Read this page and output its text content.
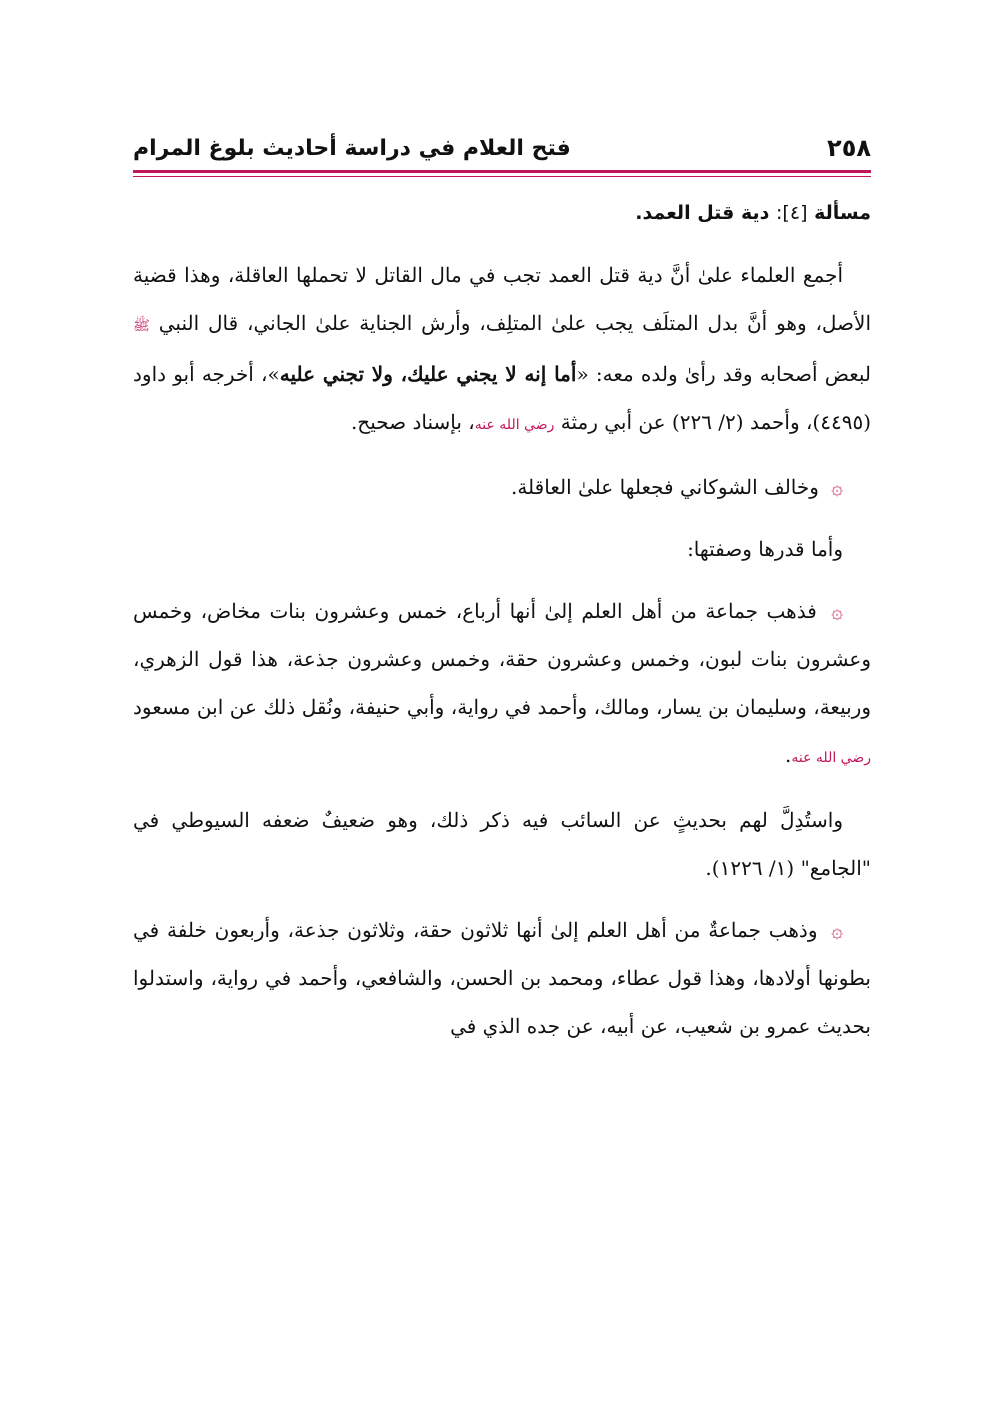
٢٥٨
فتح العلام في دراسة أحاديث بلوغ المرام
مسألة [٤]: دية قتل العمد.

أجمع العلماء علىٰ أنَّ دية قتل العمد تجب في مال القاتل لا تحملها العاقلة، وهذا قضية الأصل، وهو أنَّ بدل المتلَف يجب علىٰ المتلِف، وأرش الجناية علىٰ الجاني، قال النبي ﷺ لبعض أصحابه وقد رأىٰ ولده معه: «أما إنه لا يجني عليك، ولا تجني عليه»، أخرجه أبو داود (٤٤٩٥)، وأحمد (٢/ ٢٢٦) عن أبي رمثة رضي الله عنه، بإسناد صحيح.

۞ وخالف الشوكاني فجعلها علىٰ العاقلة.

وأما قدرها وصفتها:

۞ فذهب جماعة من أهل العلم إلىٰ أنها أرباع، خمس وعشرون بنات مخاض، وخمس وعشرون بنات لبون، وخمس وعشرون حقة، وخمس وعشرون جذعة، هذا قول الزهري، وربيعة، وسليمان بن يسار، ومالك، وأحمد في رواية، وأبي حنيفة، ونُقل ذلك عن ابن مسعود رضي الله عنه.

واستُدِلَّ لهم بحديثٍ عن السائب فيه ذكر ذلك، وهو ضعيفٌ ضعفه السيوطي في "الجامع" (١/ ١٢٢٦).

۞ وذهب جماعةٌ من أهل العلم إلىٰ أنها ثلاثون حقة، وثلاثون جذعة، وأربعون خلفة في بطونها أولادها، وهذا قول عطاء، ومحمد بن الحسن، والشافعي، وأحمد في رواية، واستدلوا بحديث عمرو بن شعيب، عن أبيه، عن جده الذي في
